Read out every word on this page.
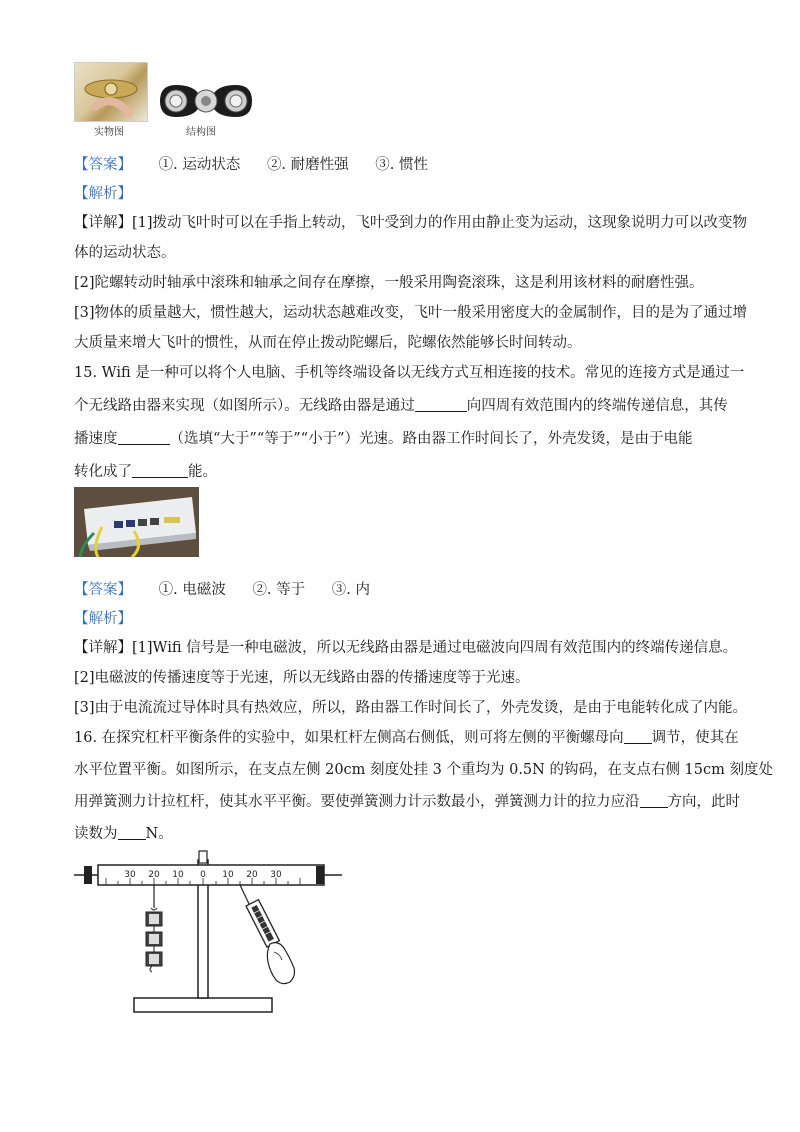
实物图	结构图
【答案】 ①. 运动状态 ②. 耐磨性强 ③. 惯性
【解析】
【详解】[1]拨动飞叶时可以在手指上转动，飞叶受到力的作用由静止变为运动，这现象说明力可以改变物
体的运动状态。
[2]陀螺转动时轴承中滚珠和轴承之间存在摩擦，一般采用陶瓷滚珠，这是利用该材料的耐磨性强。
[3]物体的质量越大，惯性越大，运动状态越难改变，飞叶一般采用密度大的金属制作，目的是为了通过增
大质量来增大飞叶的惯性，从而在停止拨动陀螺后，陀螺依然能够长时间转动。
15. Wifi 是一种可以将个人电脑、手机等终端设备以无线方式互相连接的技术。常见的连接方式是通过一
个无线路由器来实现（如图所示）。无线路由器是通过	向四周有效范围内的终端传递信息，其传
播速度	（选填“大于”“等于”“小于”）光速。路由器工作时间长了，外壳发烫，是由于电能
转化成了	能。
【答案】 ①. 电磁波 ②. 等于 ③. 内
【解析】
【详解】[1]Wifi 信号是一种电磁波，所以无线路由器是通过电磁波向四周有效范围内的终端传递信息。
[2]电磁波的传播速度等于光速，所以无线路由器的传播速度等于光速。
[3]由于电流流过导体时具有热效应，所以，路由器工作时间长了，外壳发烫，是由于电能转化成了内能。
16. 在探究杠杆平衡条件的实验中，如果杠杆左侧高右侧低，则可将左侧的平衡螺母向 调节，使其在
水平位置平衡。如图所示，在支点左侧 20cm 刻度处挂 3 个重均为 0.5N 的钩码，在支点右侧 15cm 刻度处
用弹簧测力计拉杠杆，使其水平平衡。要使弹簧测力计示数最小，弹簧测力计的拉力应沿 方向，此时
读数为 N。
30 20 10 0 10 20 30
